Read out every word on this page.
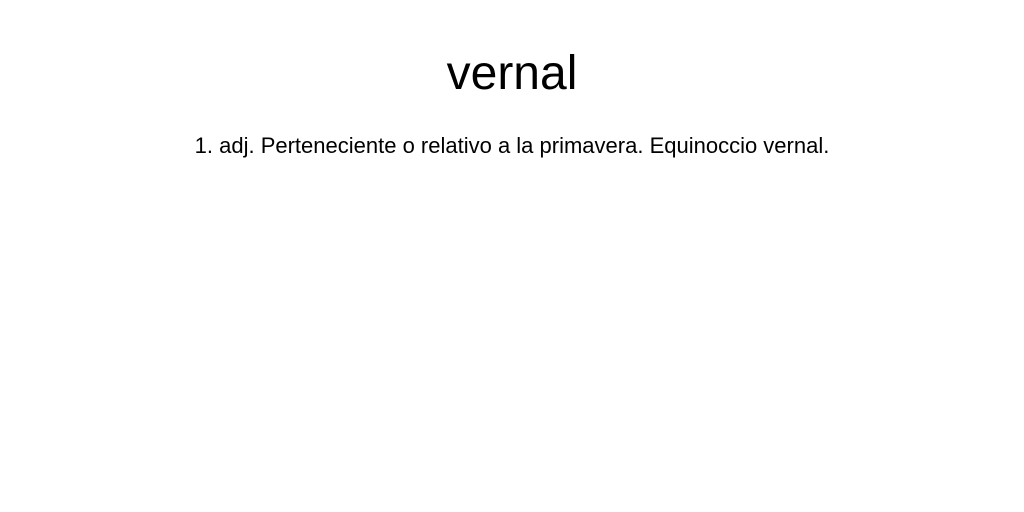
vernal

1. adj. Perteneciente o relativo a la primavera. Equinoccio vernal.
